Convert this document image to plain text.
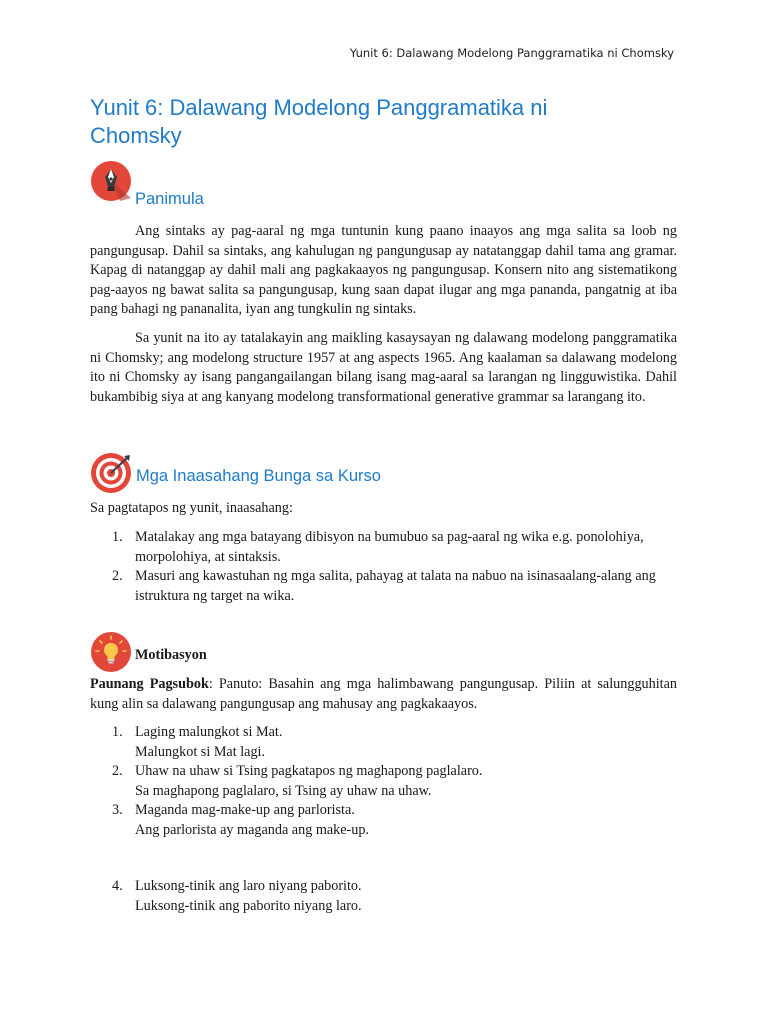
Yunit 6: Dalawang Modelong Panggramatika ni Chomsky
Yunit 6: Dalawang Modelong Panggramatika ni Chomsky
Panimula

Ang sintaks ay pag-aaral ng mga tuntunin kung paano inaayos ang mga salita sa loob ng pangungusap. Dahil sa sintaks, ang kahulugan ng pangungusap ay natatanggap dahil tama ang gramar. Kapag di natanggap ay dahil mali ang pagkakaayos ng pangungusap. Konsern nito ang sistematikong pag-aayos ng bawat salita sa pangungusap, kung saan dapat ilugar ang mga pananda, pangatnig at iba pang bahagi ng pananalita, iyan ang tungkulin ng sintaks.

Sa yunit na ito ay tatalakayin ang maikling kasaysayan ng dalawang modelong panggramatika ni Chomsky; ang modelong structure 1957 at ang aspects 1965. Ang kaalaman sa dalawang modelong ito ni Chomsky ay isang pangangailangan bilang isang mag-aaral sa larangan ng lingguwistika. Dahil bukambibig siya at ang kanyang modelong transformational generative grammar sa larangang ito.

Mga Inaasahang Bunga sa Kurso

Sa pagtatapos ng yunit, inaasahang:

1. Matalakay ang mga batayang dibisyon na bumubuo sa pag-aaral ng wika e.g. ponolohiya, morpolohiya, at sintaksis.
2. Masuri ang kawastuhan ng mga salita, pahayag at talata na nabuo na isinasaalang-alang ang istruktura ng target na wika.
Motibasyon

Paunang Pagsubok: Panuto: Basahin ang mga halimbawang pangungusap. Piliin at salungguhitan kung alin sa dalawang pangungusap ang mahusay ang pagkakaayos.

1. Laging malungkot si Mat.
Malungkot si Mat lagi.
2. Uhaw na uhaw si Tsing pagkatapos ng maghapong paglalaro.
Sa maghapong paglalaro, si Tsing ay uhaw na uhaw.
3. Maganda mag-make-up ang parlorista.
Ang parlorista ay maganda ang make-up.
4. Luksong-tinik ang laro niyang paborito.
Luksong-tinik ang paborito niyang laro.
